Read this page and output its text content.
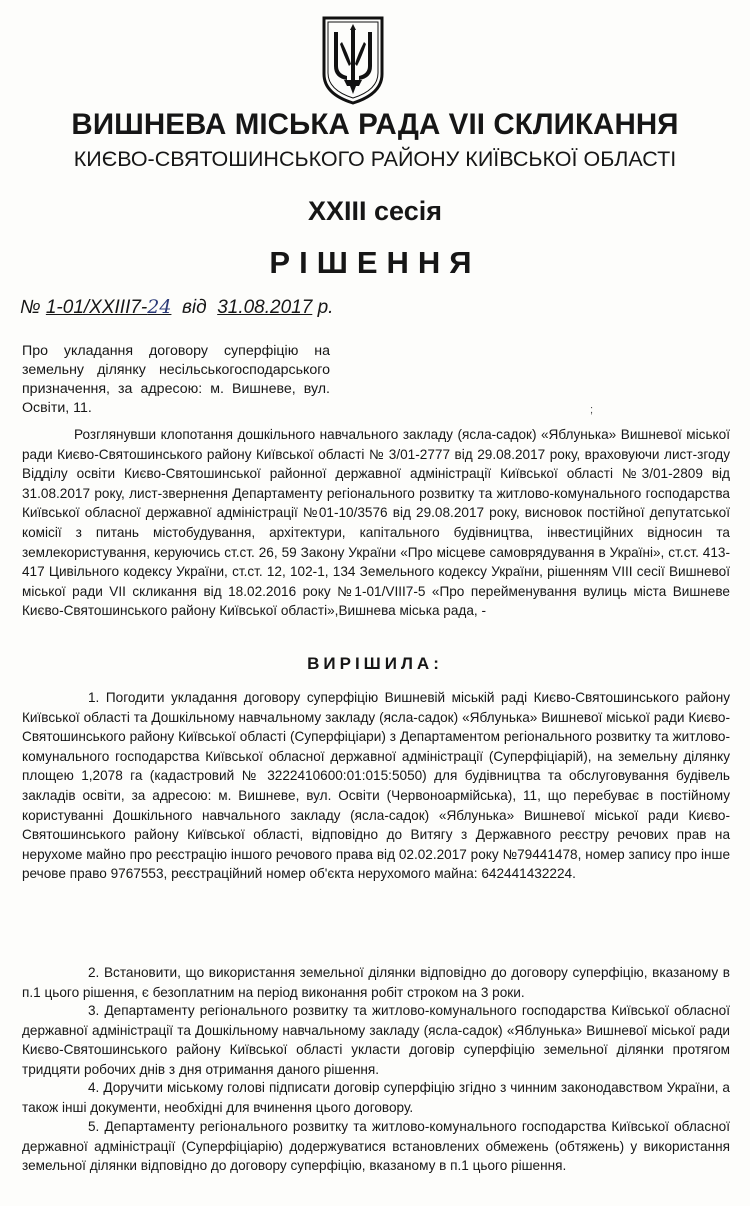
ВИШНЕВА МІСЬКА РАДА VII СКЛИКАННЯ
КИЄВО-СВЯТОШИНСЬКОГО РАЙОНУ КИЇВСЬКОЇ ОБЛАСТІ
XXIII сесія
РІШЕННЯ
№ 1-01/XXIII7-24 від 31.08.2017 р.

Про укладання договору суперфіцію на земельну ділянку несільськогосподарського призначення, за адресою: м. Вишневе, вул. Освіти, 11.	;

Розглянувши клопотання дошкільного навчального закладу (ясла-садок) «Яблунька» Вишневої міської ради Києво-Святошинського району Київської області № 3/01-2777 від 29.08.2017 року, враховуючи лист-згоду Відділу освіти Києво-Святошинської районної державної адміністрації Київської області №3/01-2809 від 31.08.2017 року, лист-звернення Департаменту регіонального розвитку та житлово-комунального господарства Київської обласної державної адміністрації №01-10/3576 від 29.08.2017 року, висновок постійної депутатської комісії з питань містобудування, архітектури, капітального будівництва, інвестиційних відносин та землекористування, керуючись ст.ст. 26, 59 Закону України «Про місцеве самоврядування в Україні», ст.ст. 413-417 Цивільного кодексу України, ст.ст. 12, 102-1, 134 Земельного кодексу України, рішенням VIII сесії Вишневої міської ради VII скликання від 18.02.2016 року №1-01/VIII7-5 «Про перейменування вулиць міста Вишневе Києво-Святошинського району Київської області»,Вишнева міська рада, -

ВИРІШИЛА:

1. Погодити укладання договору суперфіцію Вишневій міській раді Києво-Святошинського району Київської області та Дошкільному навчальному закладу (ясла-садок) «Яблунька» Вишневої міської ради Києво-Святошинського району Київської області (Суперфіціари) з Департаментом регіонального розвитку та житлово-комунального господарства Київської обласної державної адміністрації (Суперфіціарій), на земельну ділянку площею 1,2078 га (кадастровий № 3222410600:01:015:5050) для будівництва та обслуговування будівель закладів освіти, за адресою: м. Вишневе, вул. Освіти (Червоноармійська), 11, що перебуває в постійному користуванні Дошкільного навчального закладу (ясла-садок) «Яблунька» Вишневої міської ради Києво-Святошинського району Київської області, відповідно до Витягу з Державного реєстру речових прав на нерухоме майно про реєстрацію іншого речового права від 02.02.2017 року №79441478, номер запису про інше речове право 9767553, реєстраційний номер об'єкта нерухомого майна: 642441432224.

2. Встановити, що використання земельної ділянки відповідно до договору суперфіцію, вказаному в п.1 цього рішення, є безоплатним на період виконання робіт строком на 3 роки.

3. Департаменту регіонального розвитку та житлово-комунального господарства Київської обласної державної адміністрації та Дошкільному навчальному закладу (ясла-садок) «Яблунька» Вишневої міської ради Києво-Святошинського району Київської області укласти договір суперфіцію земельної ділянки протягом тридцяти робочих днів з дня отримання даного рішення.

4. Доручити міському голові підписати договір суперфіцію згідно з чинним законодавством України, а також інші документи, необхідні для вчинення цього договору.

5. Департаменту регіонального розвитку та житлово-комунального господарства Київської обласної державної адміністрації (Суперфіціарію) додержуватися встановлених обмежень (обтяжень) у використання земельної ділянки відповідно до договору суперфіцію, вказаному в п.1 цього рішення.
